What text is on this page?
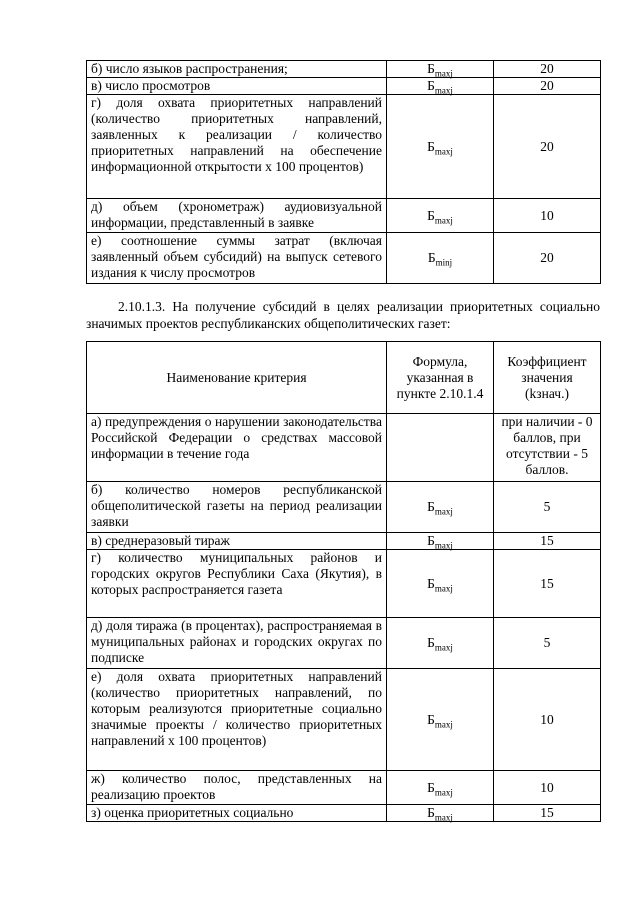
б) число языков распространения;	$Б_{maxj}$	20
в) число просмотров	$Б_{maxj}$	20
г) доля охвата приоритетных направлений (количество приоритетных направлений, заявленных к реализации / количество приоритетных направлений на обеспечение информационной открытости х 100 процентов)	$Б_{maxj}$	20
д) объем (хронометраж) аудиовизуальной информации, представленный в заявке	$Б_{maxj}$	10
е) соотношение суммы затрат (включая заявленный объем субсидий) на выпуск сетевого издания к числу просмотров	$Б_{minj}$	20

2.10.1.3. На получение субсидий в целях реализации приоритетных социально значимых проектов республиканских общеполитических газет:

Наименование критерия	Формула, указанная в пункте 2.10.1.4	Коэффициент значения (kзнач.)
а) предупреждения о нарушении законодательства Российской Федерации о средствах массовой информации в течение года		при наличии - 0 баллов, при отсутствии - 5 баллов.
б) количество номеров республиканской общеполитической газеты на период реализации заявки	$Б_{maxj}$	5
в) среднеразовый тираж	$Б_{maxj}$	15
г) количество муниципальных районов и городских округов Республики Саха (Якутия), в которых распространяется газета	$Б_{maxj}$	15
д) доля тиража (в процентах), распространяемая в муниципальных районах и городских округах по подписке	$Б_{maxj}$	5
е) доля охвата приоритетных направлений (количество приоритетных направлений, по которым реализуются приоритетные социально значимые проекты / количество приоритетных направлений х 100 процентов)	$Б_{maxj}$	10
ж) количество полос, представленных на реализацию проектов	$Б_{maxj}$	10
з) оценка приоритетных социально	$Б_{maxj}$	15
